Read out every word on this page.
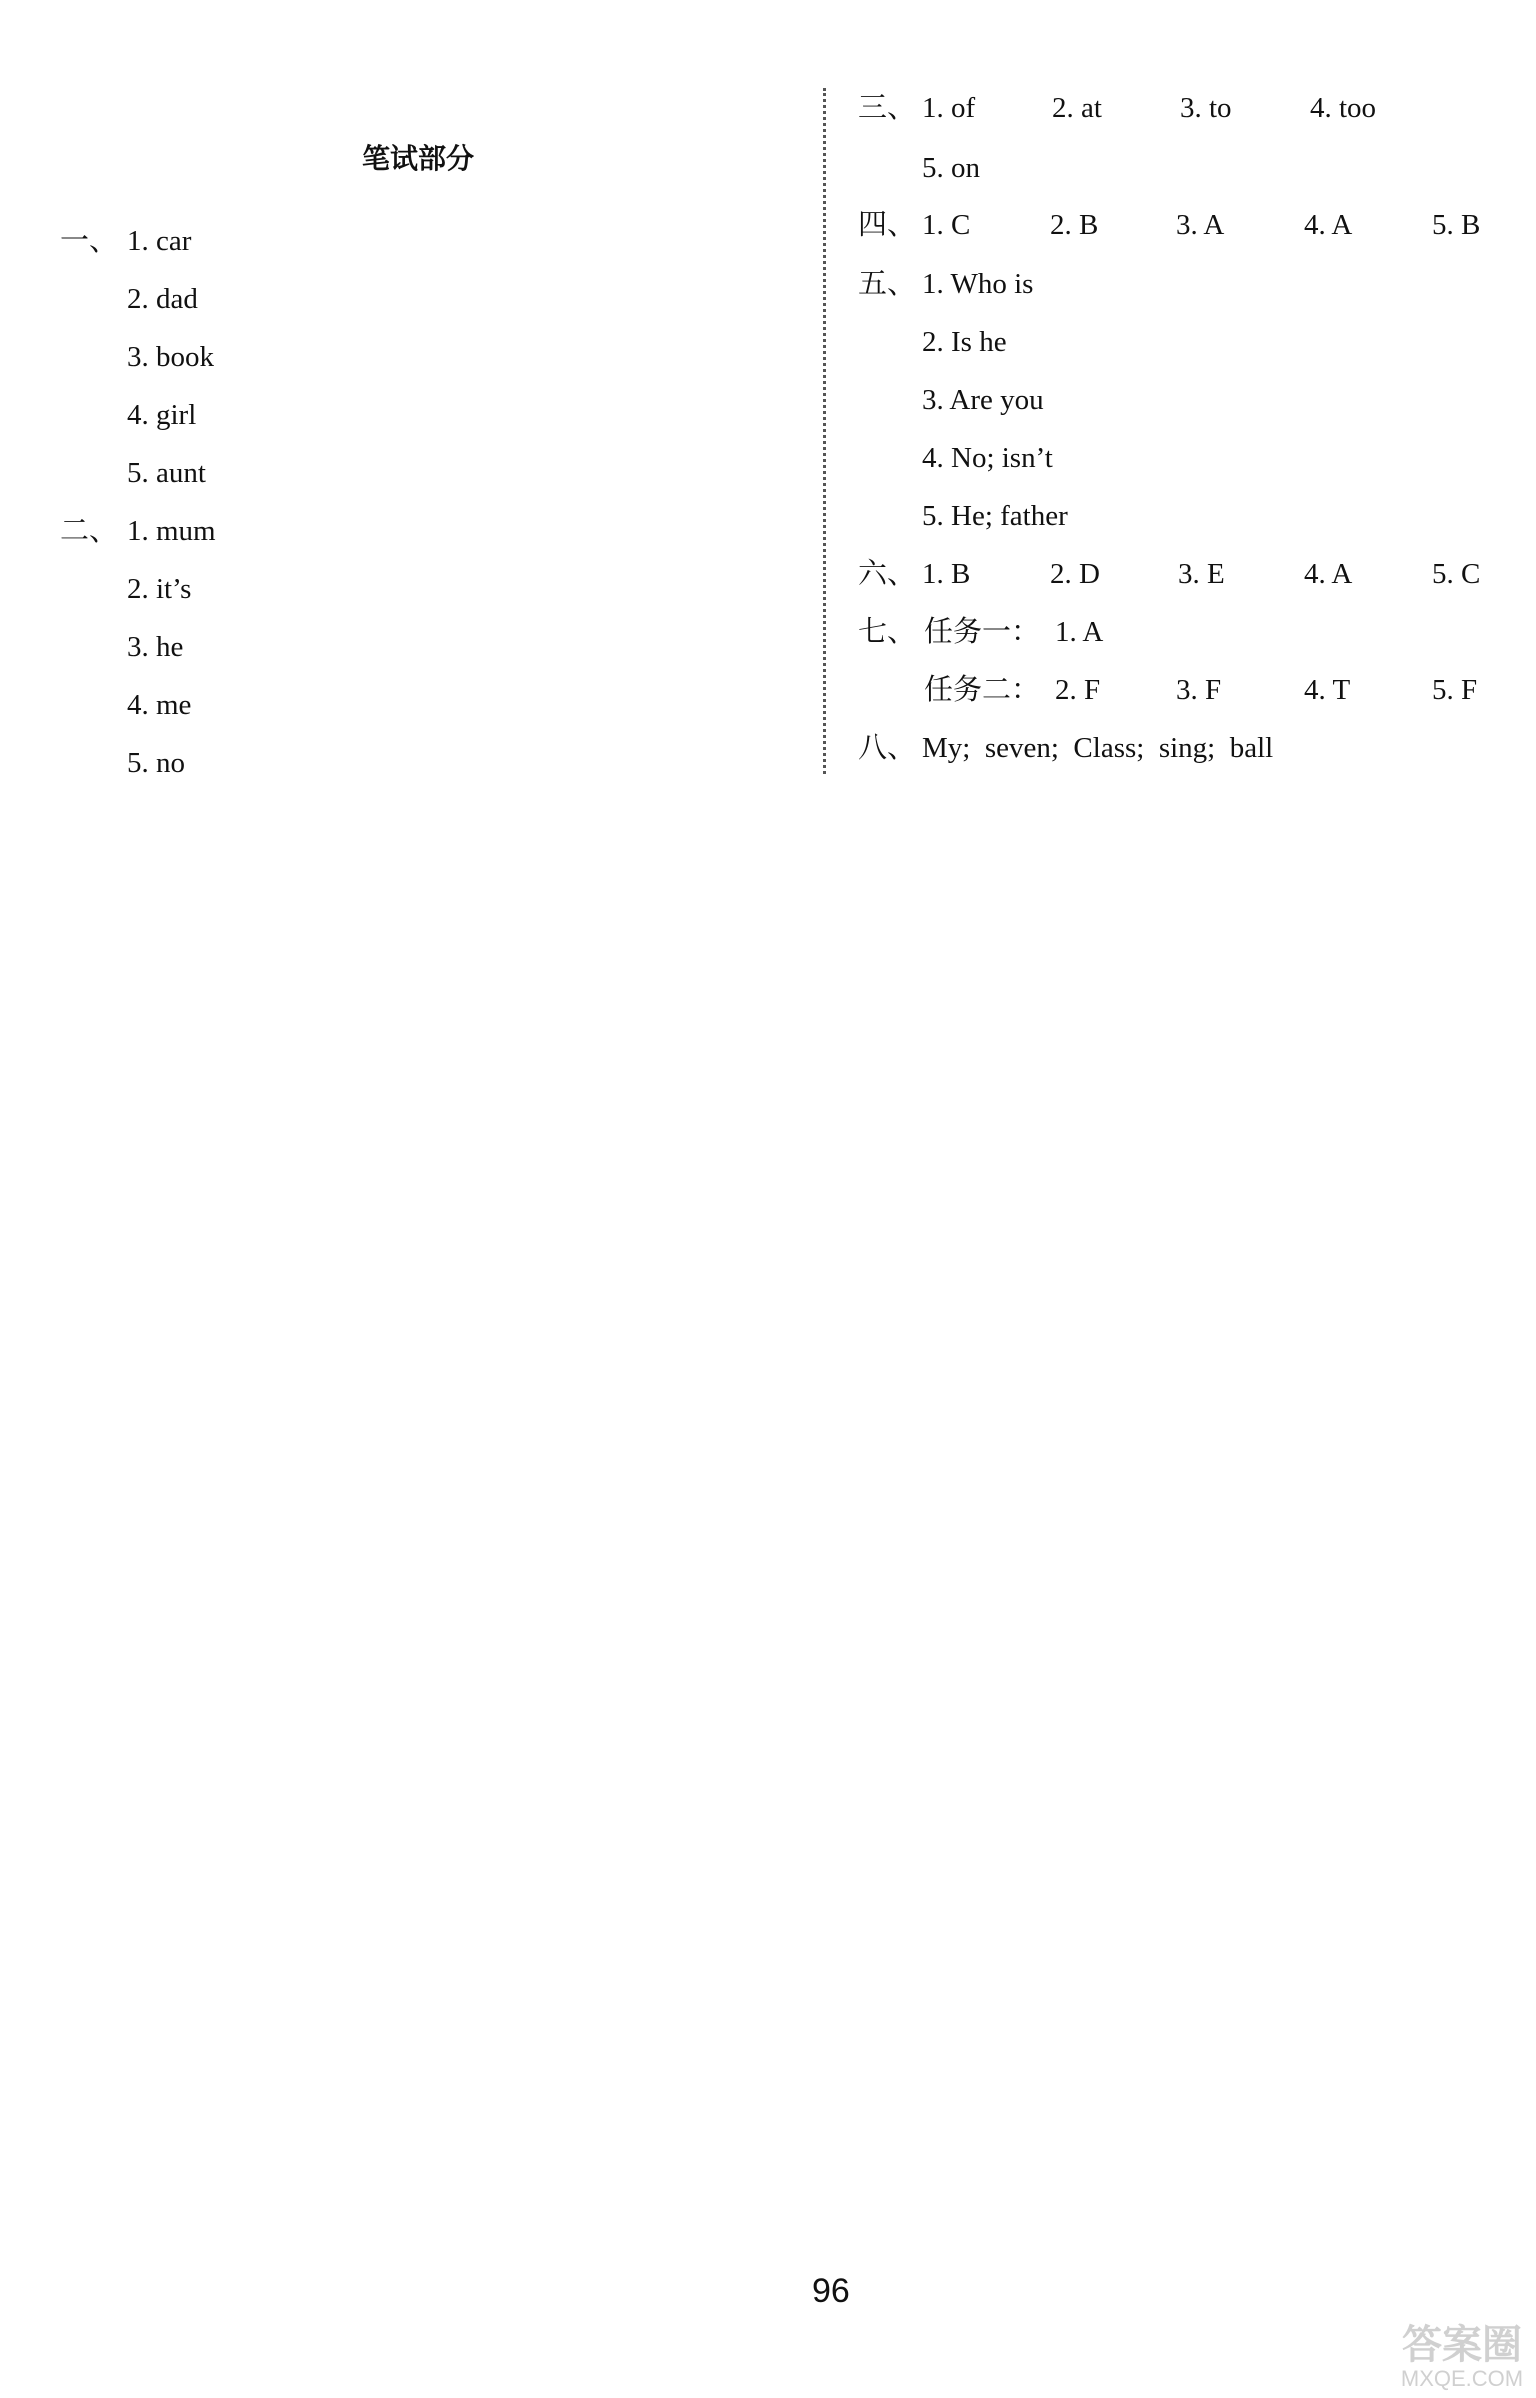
笔试部分
一、 1. car
2. dad
3. book
4. girl
5. aunt
二、 1. mum
2. it’s
3. he
4. me
5. no
三、 1. of	2. at	3. to	4. too
5. on
四、 1. C	2. B	3. A	4. A	5. B
五、 1. Who is
2. Is he
3. Are you
4. No; isn’t
5. He; father
六、 1. B	2. D	3. E	4. A	5. C
七、 任务一： 1. A
任务二： 2. F	3. F	4. T	5. F
八、 My;  seven;  Class;  sing;  ball
96
答案圈
MXQE.COM
